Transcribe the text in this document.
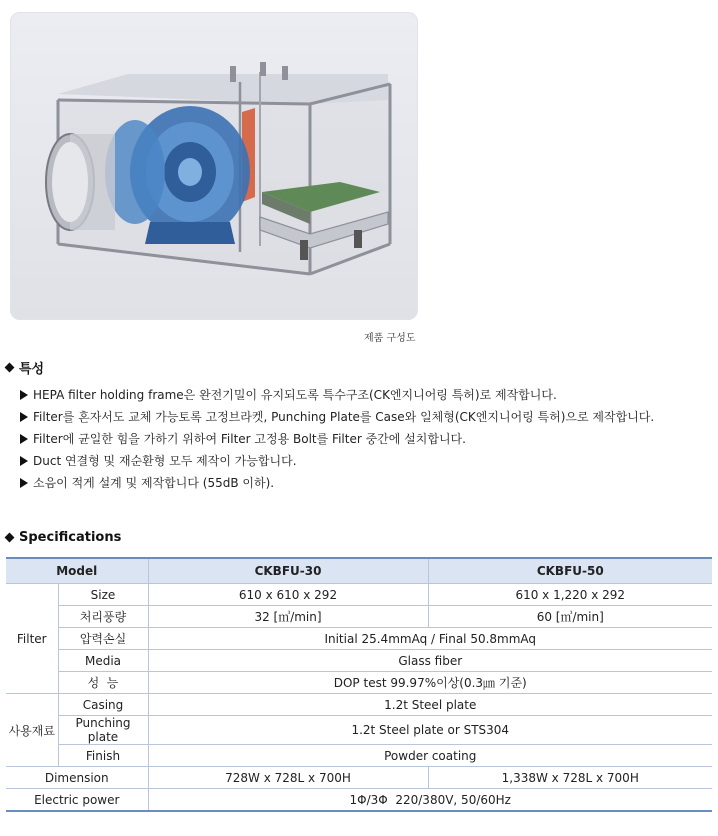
제품 구성도
특성
HEPA filter holding frame은 완전기밀이 유지되도록 특수구조(CK엔지니어링 특허)로 제작합니다.
Filter를 혼자서도 교체 가능토록 고정브라켓, Punching Plate를 Case와 일체형(CK엔지니어링 특허)으로 제작합니다.
Filter에 균일한 힘을 가하기 위하여 Filter 고정용 Bolt를 Filter 중간에 설치합니다.
Duct 연결형 및 재순환형 모두 제작이 가능합니다.
소음이 적게 설계 및 제작합니다 (55dB 이하).
Specifications
Model		CKBFU-30	CKBFU-50
Filter	Size	610 x 610 x 292	610 x 1,220 x 292
	처리풍량	32 [㎥/min]	60 [㎥/min]
	압력손실	Initial 25.4mmAq / Final 50.8mmAq	
	Media	Glass fiber	
	성  능	DOP test 99.97%이상(0.3㎛ 기준)	
사용재료	Casing	1.2t Steel plate	
	Punching plate	1.2t Steel plate or STS304	
	Finish	Powder coating	
Dimension		728W x 728L x 700H	1,338W x 728L x 700H
Electric power		1Φ/3Φ  220/380V, 50/60Hz	
